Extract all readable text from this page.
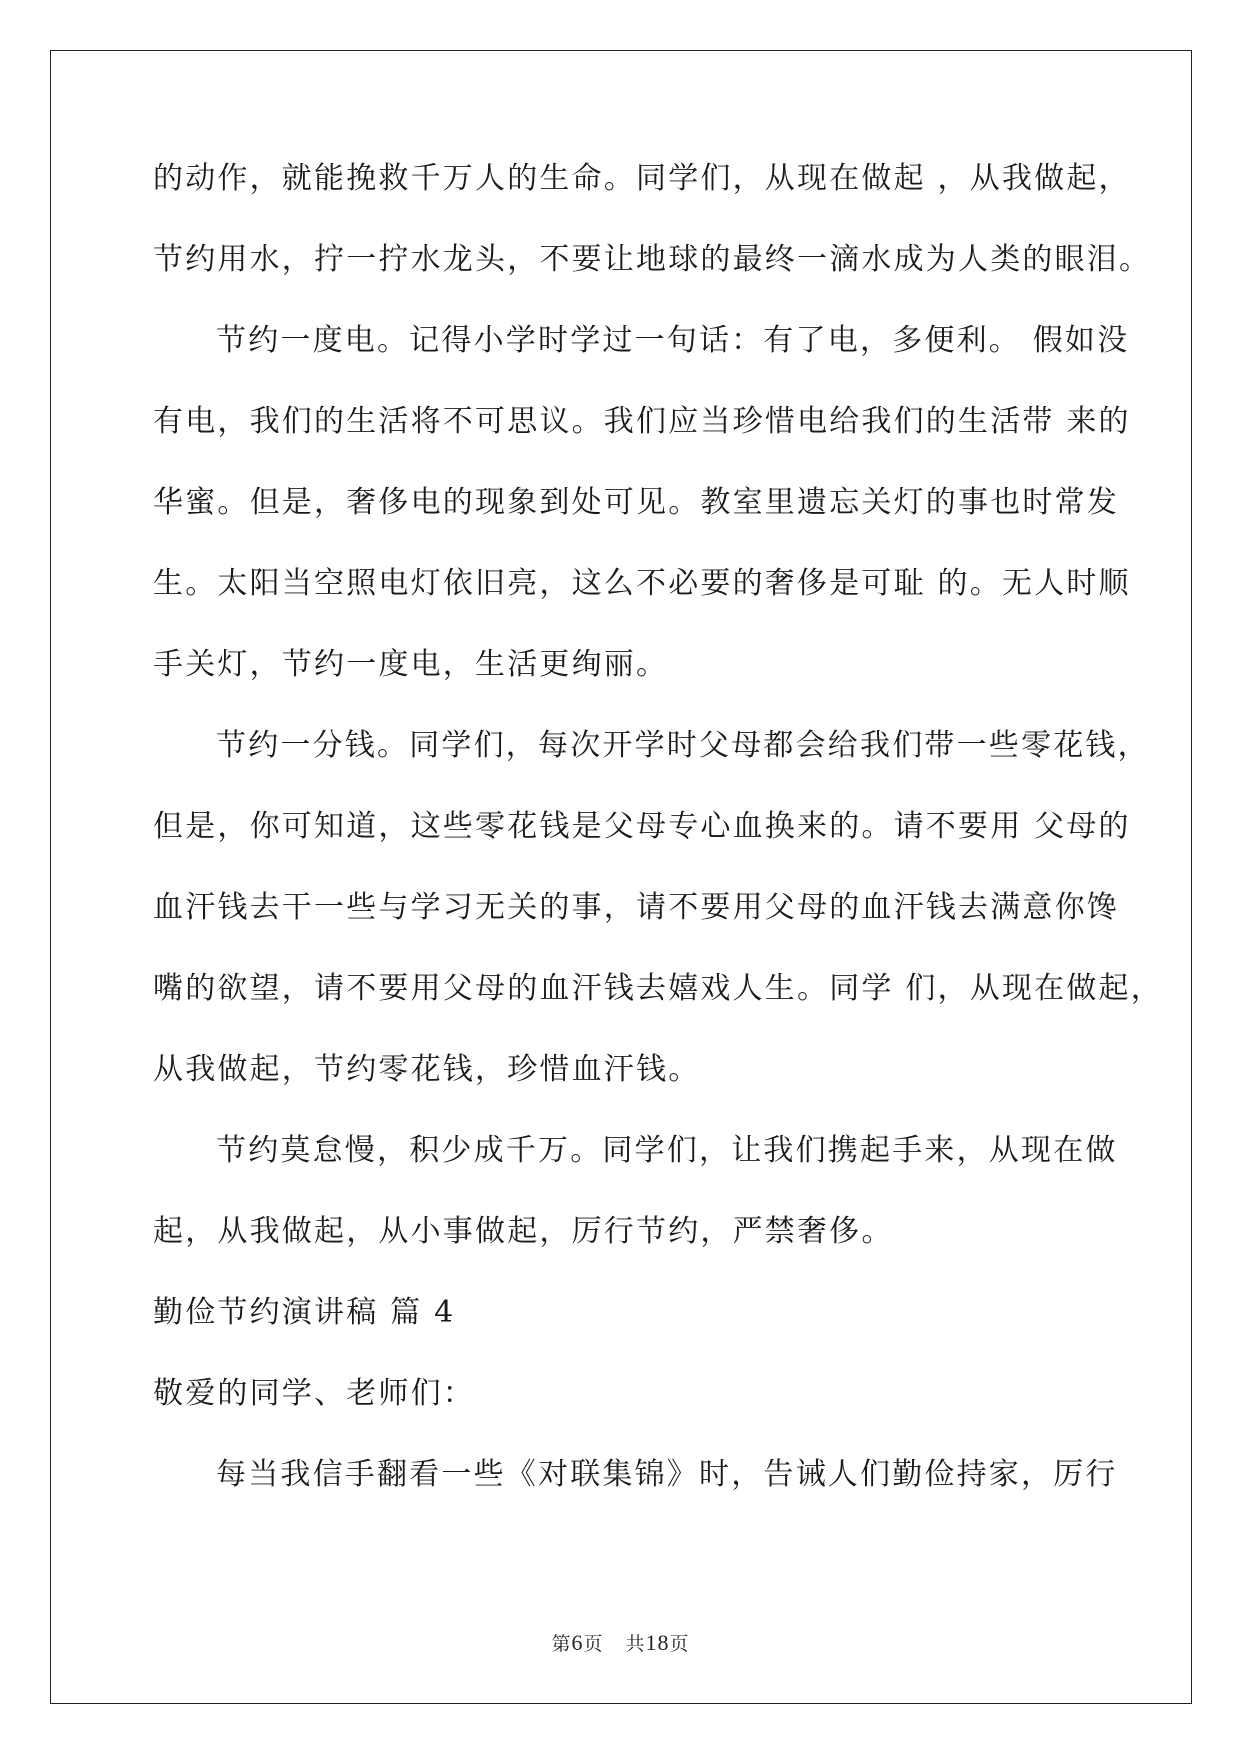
的动作，就能挽救千万人的生命。同学们，从现在做起 ，从我做起，

节约用水，拧一拧水龙头，不要让地球的最终一滴水成为人类的眼泪。

节约一度电。记得小学时学过一句话：有了电，多便利。 假如没

有电，我们的生活将不可思议。我们应当珍惜电给我们的生活带 来的

华蜜。但是，奢侈电的现象到处可见。教室里遗忘关灯的事也时常发

生。太阳当空照电灯依旧亮，这么不必要的奢侈是可耻 的。无人时顺

手关灯，节约一度电，生活更绚丽。

节约一分钱。同学们，每次开学时父母都会给我们带一些零花钱，

但是，你可知道，这些零花钱是父母专心血换来的。请不要用 父母的

血汗钱去干一些与学习无关的事，请不要用父母的血汗钱去满意你馋

嘴的欲望，请不要用父母的血汗钱去嬉戏人生。同学 们，从现在做起，

从我做起，节约零花钱，珍惜血汗钱。

节约莫怠慢，积少成千万。同学们，让我们携起手来，从现在做

起，从我做起，从小事做起，厉行节约，严禁奢侈。

勤俭节约演讲稿 篇 4

敬爱的同学、老师们：

每当我信手翻看一些《对联集锦》时，告诫人们勤俭持家，厉行

第6页 共18页
